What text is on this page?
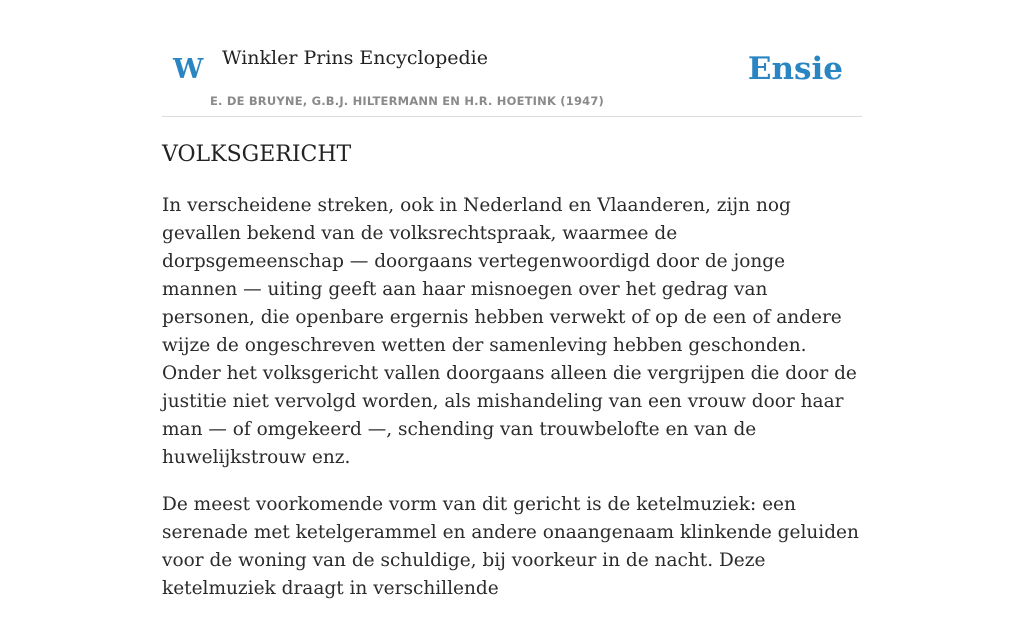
W Winkler Prins Encyclopedie
E. DE BRUYNE, G.B.J. HILTERMANN EN H.R. HOETINK (1947)
Ensie
VOLKSGERICHT

In verscheidene streken, ook in Nederland en Vlaanderen, zijn nog gevallen bekend van de volksrechtspraak, waarmee de dorpsgemeenschap — doorgaans vertegenwoordigd door de jonge mannen — uiting geeft aan haar misnoegen over het gedrag van personen, die openbare ergernis hebben verwekt of op de een of andere wijze de ongeschreven wetten der samenleving hebben geschonden. Onder het volksgericht vallen doorgaans alleen die vergrijpen die door de justitie niet vervolgd worden, als mishandeling van een vrouw door haar man — of omgekeerd —, schending van trouwbelofte en van de huwelijkstrouw enz.

De meest voorkomende vorm van dit gericht is de ketelmuziek: een serenade met ketelgerammel en andere onaangenaam klinkende geluiden voor de woning van de schuldige, bij voorkeur in de nacht. Deze ketelmuziek draagt in verschillende
